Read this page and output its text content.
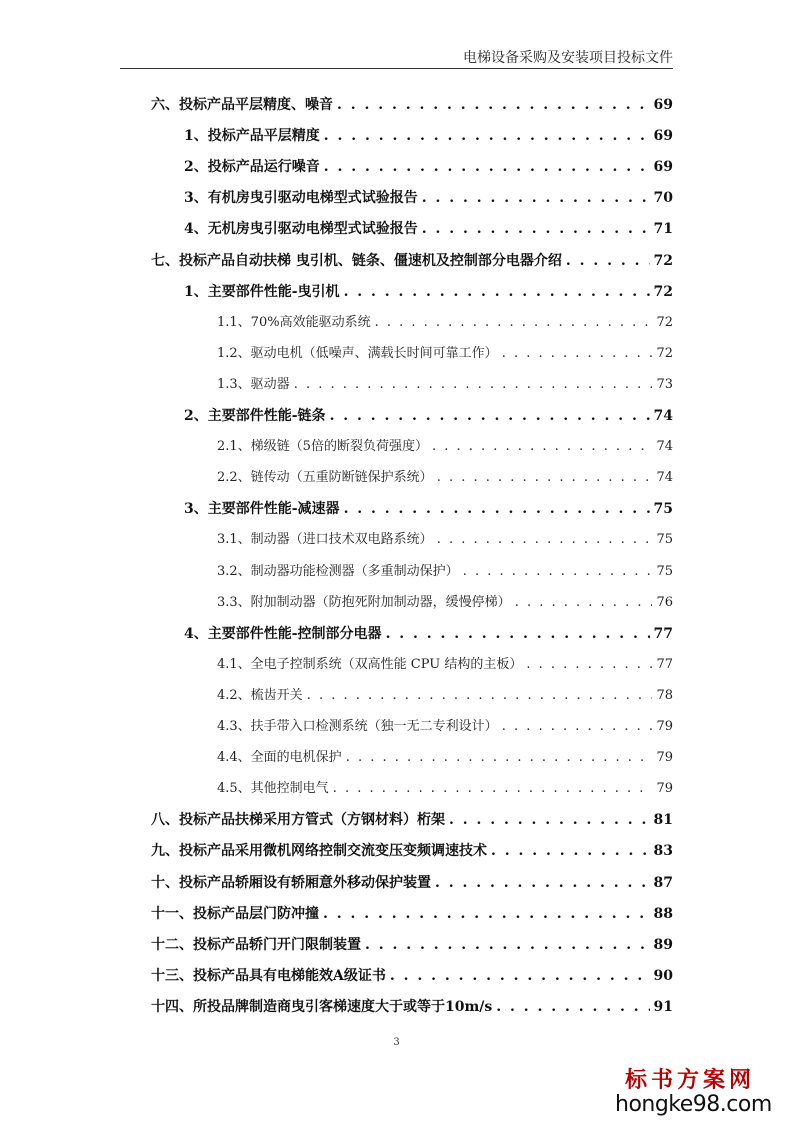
电梯设备采购及安装项目投标文件
六、投标产品平层精度、噪音 . . .	69
1、投标产品平层精度 . . .	69
2、投标产品运行噪音 . . .	69
3、有机房曳引驱动电梯型式试验报告 . . .	70
4、无机房曳引驱动电梯型式试验报告 . . .	71
七、投标产品自动扶梯 曳引机、链条、僵速机及控制部分电器介绍 . . .	72
1、主要部件性能-曳引机 . . .	72
1.1、70%高效能驱动系统 . . .	72
1.2、驱动电机（低噪声、满载长时间可靠工作） . . .	72
1.3、驱动器 . . .	73
2、主要部件性能-链条 . . .	74
2.1、梯级链（5倍的断裂负荷强度） . . .	74
2.2、链传动（五重防断链保护系统） . . .	74
3、主要部件性能-减速器 . . .	75
3.1、制动器（进口技术双电路系统） . . .	75
3.2、制动器功能检测器（多重制动保护） . . .	75
3.3、附加制动器（防抱死附加制动器，缓慢停梯） . . .	76
4、主要部件性能-控制部分电器 . . .	77
4.1、全电子控制系统（双高性能 CPU 结构的主板） . . .	77
4.2、梳齿开关 . . .	78
4.3、扶手带入口检测系统（独一无二专利设计） . . .	79
4.4、全面的电机保护 . . .	79
4.5、其他控制电气 . . .	79
八、投标产品扶梯采用方管式（方钢材料）桁架 . . .	81
九、投标产品采用微机网络控制交流变压变频调速技术 . . .	83
十、投标产品轿厢设有轿厢意外移动保护装置 . . .	87
十一、投标产品层门防冲撞 . . .	88
十二、投标产品轿门开门限制装置 . . .	89
十三、投标产品具有电梯能效A级证书 . . .	90
十四、所投品牌制造商曳引客梯速度大于或等于10m/s . . .	91
3
标书方案网
hongke98.com
